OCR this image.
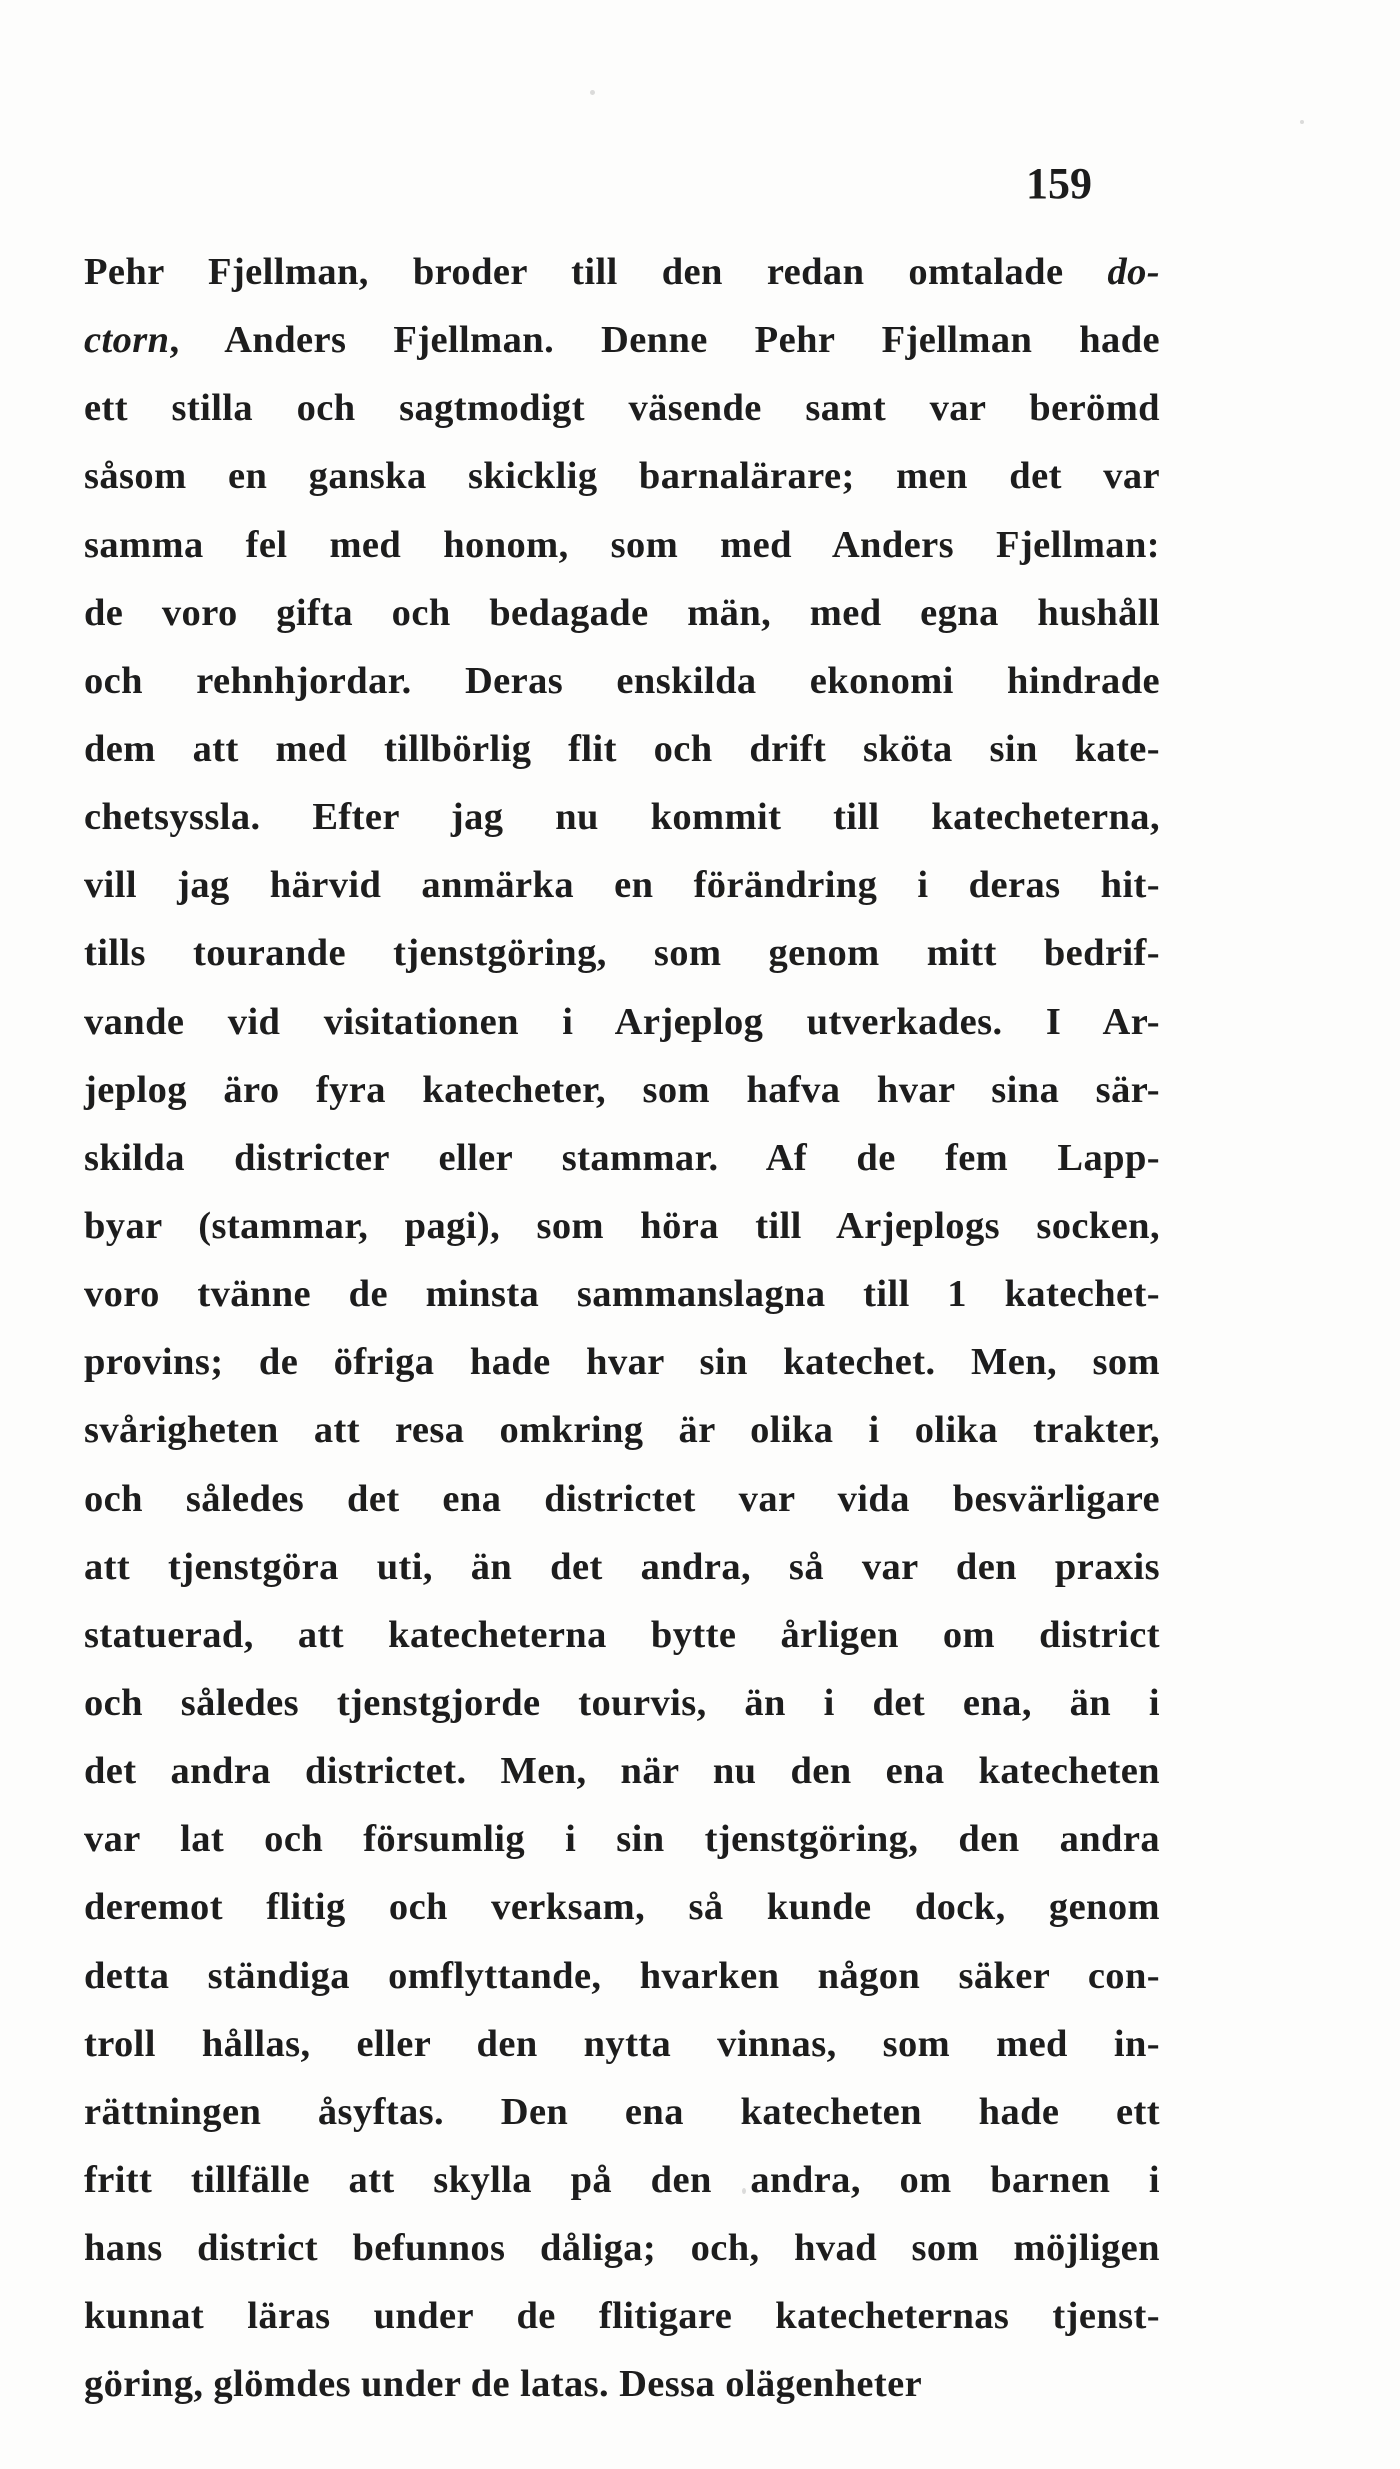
159
Pehr Fjellman, broder till den redan omtalade do-
ctorn, Anders Fjellman. Denne Pehr Fjellman hade
ett stilla och sagtmodigt väsende samt var berömd
såsom en ganska skicklig barnalärare; men det var
samma fel med honom, som med Anders Fjellman:
de voro gifta och bedagade män, med egna hushåll
och rehnhjordar. Deras enskilda ekonomi hindrade
dem att med tillbörlig flit och drift sköta sin kate-
chetsyssla. Efter jag nu kommit till katecheterna,
vill jag härvid anmärka en förändring i deras hit-
tills tourande tjenstgöring, som genom mitt bedrif-
vande vid visitationen i Arjeplog utverkades. I Ar-
jeplog äro fyra katecheter, som hafva hvar sina sär-
skilda districter eller stammar. Af de fem Lapp-
byar (stammar, pagi), som höra till Arjeplogs socken,
voro tvänne de minsta sammanslagna till 1 katechet-
provins; de öfriga hade hvar sin katechet. Men, som
svårigheten att resa omkring är olika i olika trakter,
och således det ena districtet var vida besvärligare
att tjenstgöra uti, än det andra, så var den praxis
statuerad, att katecheterna bytte årligen om district
och således tjenstgjorde tourvis, än i det ena, än i
det andra districtet. Men, när nu den ena katecheten
var lat och försumlig i sin tjenstgöring, den andra
deremot flitig och verksam, så kunde dock, genom
detta ständiga omflyttande, hvarken någon säker con-
troll hållas, eller den nytta vinnas, som med in-
rättningen åsyftas. Den ena katecheten hade ett
fritt tillfälle att skylla på den andra, om barnen i
hans district befunnos dåliga; och, hvad som möjligen
kunnat läras under de flitigare katecheternas tjenst-
göring, glömdes under de latas. Dessa olägenheter
